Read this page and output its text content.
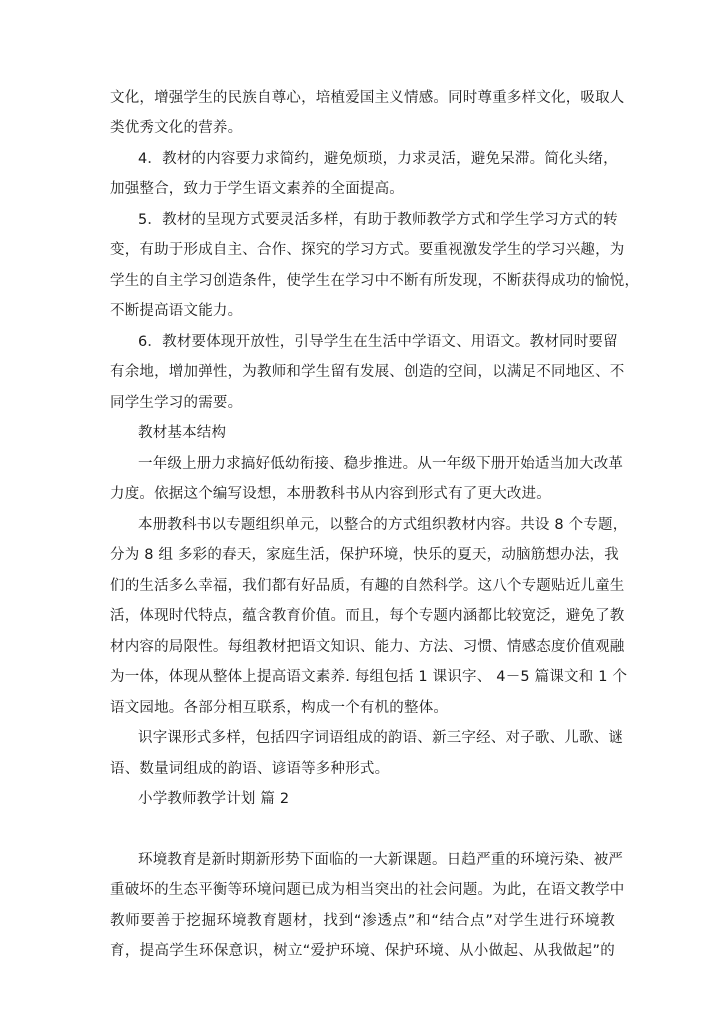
文化，增强学生的民族自尊心，培植爱国主义情感。同时尊重多样文化，吸取人
类优秀文化的营养。
4．教材的内容要力求简约，避免烦琐，力求灵活，避免呆滞。简化头绪，
加强整合，致力于学生语文素养的全面提高。
5．教材的呈现方式要灵活多样，有助于教师教学方式和学生学习方式的转
变，有助于形成自主、合作、探究的学习方式。要重视激发学生的学习兴趣，为
学生的自主学习创造条件，使学生在学习中不断有所发现，不断获得成功的愉悦，
不断提高语文能力。
6．教材要体现开放性，引导学生在生活中学语文、用语文。教材同时要留
有余地，增加弹性，为教师和学生留有发展、创造的空间，以满足不同地区、不
同学生学习的需要。
教材基本结构
一年级上册力求搞好低幼衔接、稳步推进。从一年级下册开始适当加大改革
力度。依据这个编写设想，本册教科书从内容到形式有了更大改进。
本册教科书以专题组织单元，以整合的方式组织教材内容。共设 8 个专题，
分为 8 组 多彩的春天，家庭生活，保护环境，快乐的夏天，动脑筋想办法，我
们的生活多么幸福，我们都有好品质，有趣的自然科学。这八个专题贴近儿童生
活，体现时代特点，蕴含教育价值。而且，每个专题内涵都比较宽泛，避免了教
材内容的局限性。每组教材把语文知识、能力、方法、习惯、情感态度价值观融
为一体，体现从整体上提高语文素养. 每组包括 1 课识字、 4－5 篇课文和 1 个
语文园地。各部分相互联系，构成一个有机的整体。
识字课形式多样，包括四字词语组成的韵语、新三字经、对子歌、儿歌、谜
语、数量词组成的韵语、谚语等多种形式。
小学教师教学计划 篇 2
环境教育是新时期新形势下面临的一大新课题。日趋严重的环境污染、被严
重破坏的生态平衡等环境问题已成为相当突出的社会问题。为此，在语文教学中
教师要善于挖掘环境教育题材，找到“渗透点”和“结合点”对学生进行环境教
育，提高学生环保意识，树立“爱护环境、保护环境、从小做起、从我做起”的
